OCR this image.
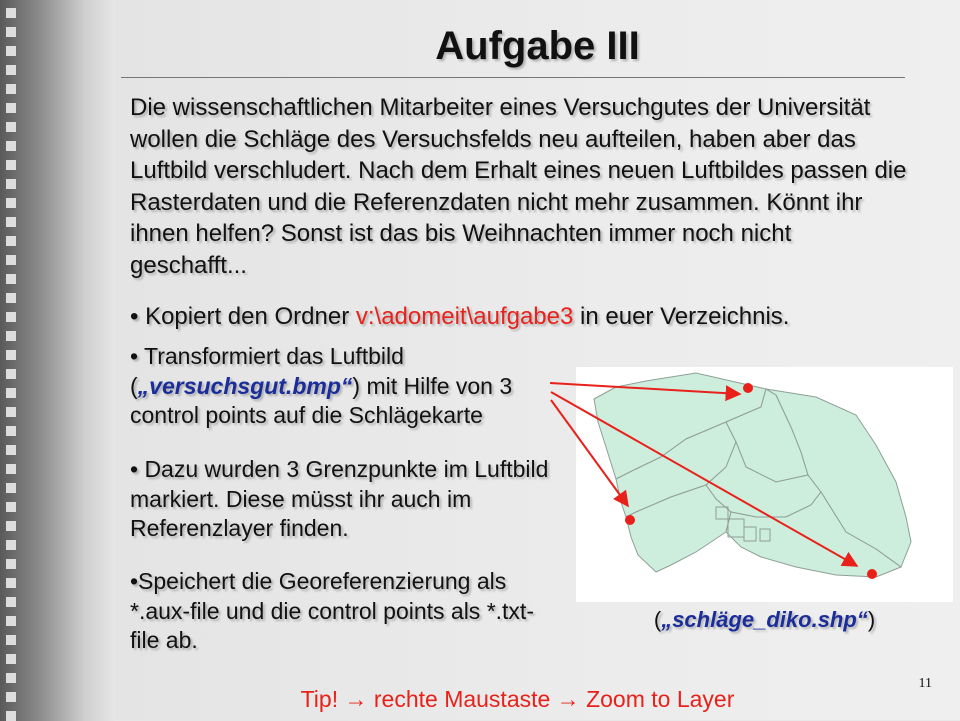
Aufgabe III
Die wissenschaftlichen Mitarbeiter eines Versuchgutes der Universität wollen die Schläge des Versuchsfelds neu aufteilen, haben aber das Luftbild verschludert. Nach dem Erhalt eines neuen Luftbildes passen die Rasterdaten und die Referenzdaten nicht mehr zusammen. Könnt ihr ihnen helfen? Sonst ist das bis Weihnachten immer noch nicht geschafft...
• Kopiert den Ordner v:\adomeit\aufgabe3 in euer Verzeichnis.
• Transformiert das Luftbild („versuchsgut.bmp“) mit Hilfe von 3 control points auf die Schlägekarte
• Dazu wurden 3 Grenzpunkte im Luftbild markiert. Diese müsst ihr auch im Referenzlayer finden.
•Speichert die Georeferenzierung als *.aux-file und die control points als *.txt-file ab.
(„schläge_diko.shp“)
11
Tip! → rechte Maustaste → Zoom to Layer
